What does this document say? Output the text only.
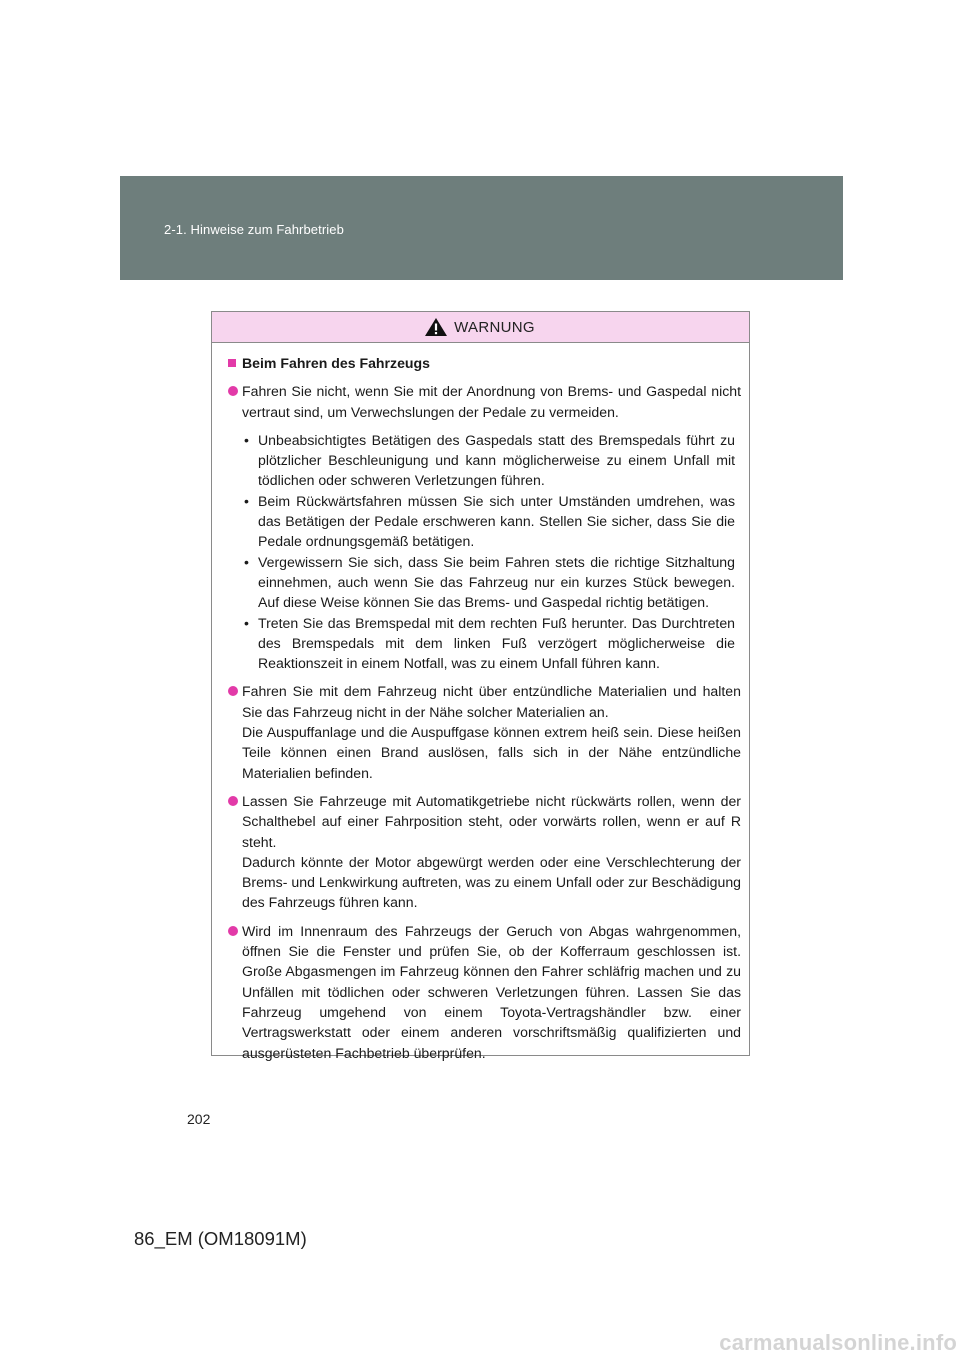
2-1. Hinweise zum Fahrbetrieb
WARNUNG
Beim Fahren des Fahrzeugs

Fahren Sie nicht, wenn Sie mit der Anordnung von Brems- und Gaspedal nicht vertraut sind, um Verwechslungen der Pedale zu vermeiden.

• Unbeabsichtigtes Betätigen des Gaspedals statt des Bremspedals führt zu plötzlicher Beschleunigung und kann möglicherweise zu einem Unfall mit tödlichen oder schweren Verletzungen führen.
• Beim Rückwärtsfahren müssen Sie sich unter Umständen umdrehen, was das Betätigen der Pedale erschweren kann. Stellen Sie sicher, dass Sie die Pedale ordnungsgemäß betätigen.
• Vergewissern Sie sich, dass Sie beim Fahren stets die richtige Sitzhaltung einnehmen, auch wenn Sie das Fahrzeug nur ein kurzes Stück bewegen. Auf diese Weise können Sie das Brems- und Gaspedal richtig betätigen.
• Treten Sie das Bremspedal mit dem rechten Fuß herunter. Das Durchtreten des Bremspedals mit dem linken Fuß verzögert möglicherweise die Reaktionszeit in einem Notfall, was zu einem Unfall führen kann.

Fahren Sie mit dem Fahrzeug nicht über entzündliche Materialien und halten Sie das Fahrzeug nicht in der Nähe solcher Materialien an.

Die Auspuffanlage und die Auspuffgase können extrem heiß sein. Diese heißen Teile können einen Brand auslösen, falls sich in der Nähe entzündliche Materialien befinden.

Lassen Sie Fahrzeuge mit Automatikgetriebe nicht rückwärts rollen, wenn der Schalthebel auf einer Fahrposition steht, oder vorwärts rollen, wenn er auf R steht.

Dadurch könnte der Motor abgewürgt werden oder eine Verschlechterung der Brems- und Lenkwirkung auftreten, was zu einem Unfall oder zur Beschädigung des Fahrzeugs führen kann.

Wird im Innenraum des Fahrzeugs der Geruch von Abgas wahrgenommen, öffnen Sie die Fenster und prüfen Sie, ob der Kofferraum geschlossen ist. Große Abgasmengen im Fahrzeug können den Fahrer schläfrig machen und zu Unfällen mit tödlichen oder schweren Verletzungen führen. Lassen Sie das Fahrzeug umgehend von einem Toyota-Vertragshändler bzw. einer Vertragswerkstatt oder einem anderen vorschriftsmäßig qualifizierten und ausgerüsteten Fachbetrieb überprüfen.

202
86_EM (OM18091M)
carmanualsonline.info
